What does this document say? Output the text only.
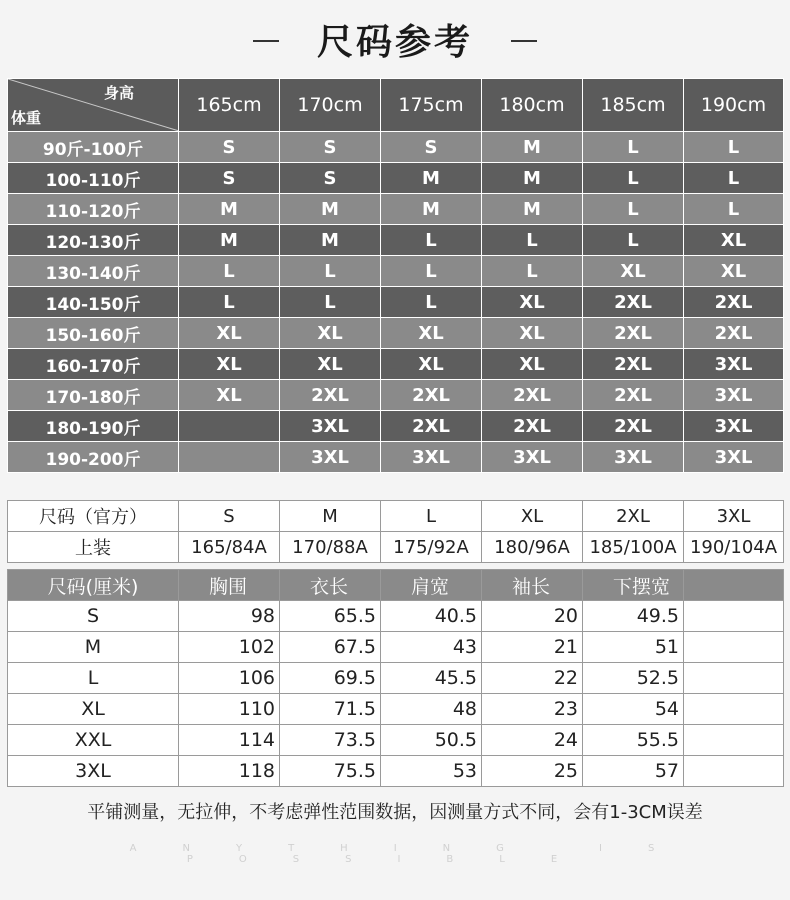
尺码参考
身高
体重	165cm	170cm	175cm	180cm	185cm	190cm
90斤-100斤	S	S	S	M	L	L
100-110斤	S	S	M	M	L	L
110-120斤	M	M	M	M	L	L
120-130斤	M	M	L	L	L	XL
130-140斤	L	L	L	L	XL	XL
140-150斤	L	L	L	XL	2XL	2XL
150-160斤	XL	XL	XL	XL	2XL	2XL
160-170斤	XL	XL	XL	XL	2XL	3XL
170-180斤	XL	2XL	2XL	2XL	2XL	3XL
180-190斤		3XL	2XL	2XL	2XL	3XL
190-200斤		3XL	3XL	3XL	3XL	3XL
尺码（官方）	S	M	L	XL	2XL	3XL
上装	165/84A	170/88A	175/92A	180/96A	185/100A	190/104A
尺码(厘米)	胸围	衣长	肩宽	袖长	下摆宽	
S	98	65.5	40.5	20	49.5	
M	102	67.5	43	21	51	
L	106	69.5	45.5	22	52.5	
XL	110	71.5	48	23	54	
XXL	114	73.5	50.5	24	55.5	
3XL	118	75.5	53	25	57	
平铺测量，无拉伸，不考虑弹性范围数据，因测量方式不同，会有1-3CM误差
ANYTHING IS POSSIBLE
